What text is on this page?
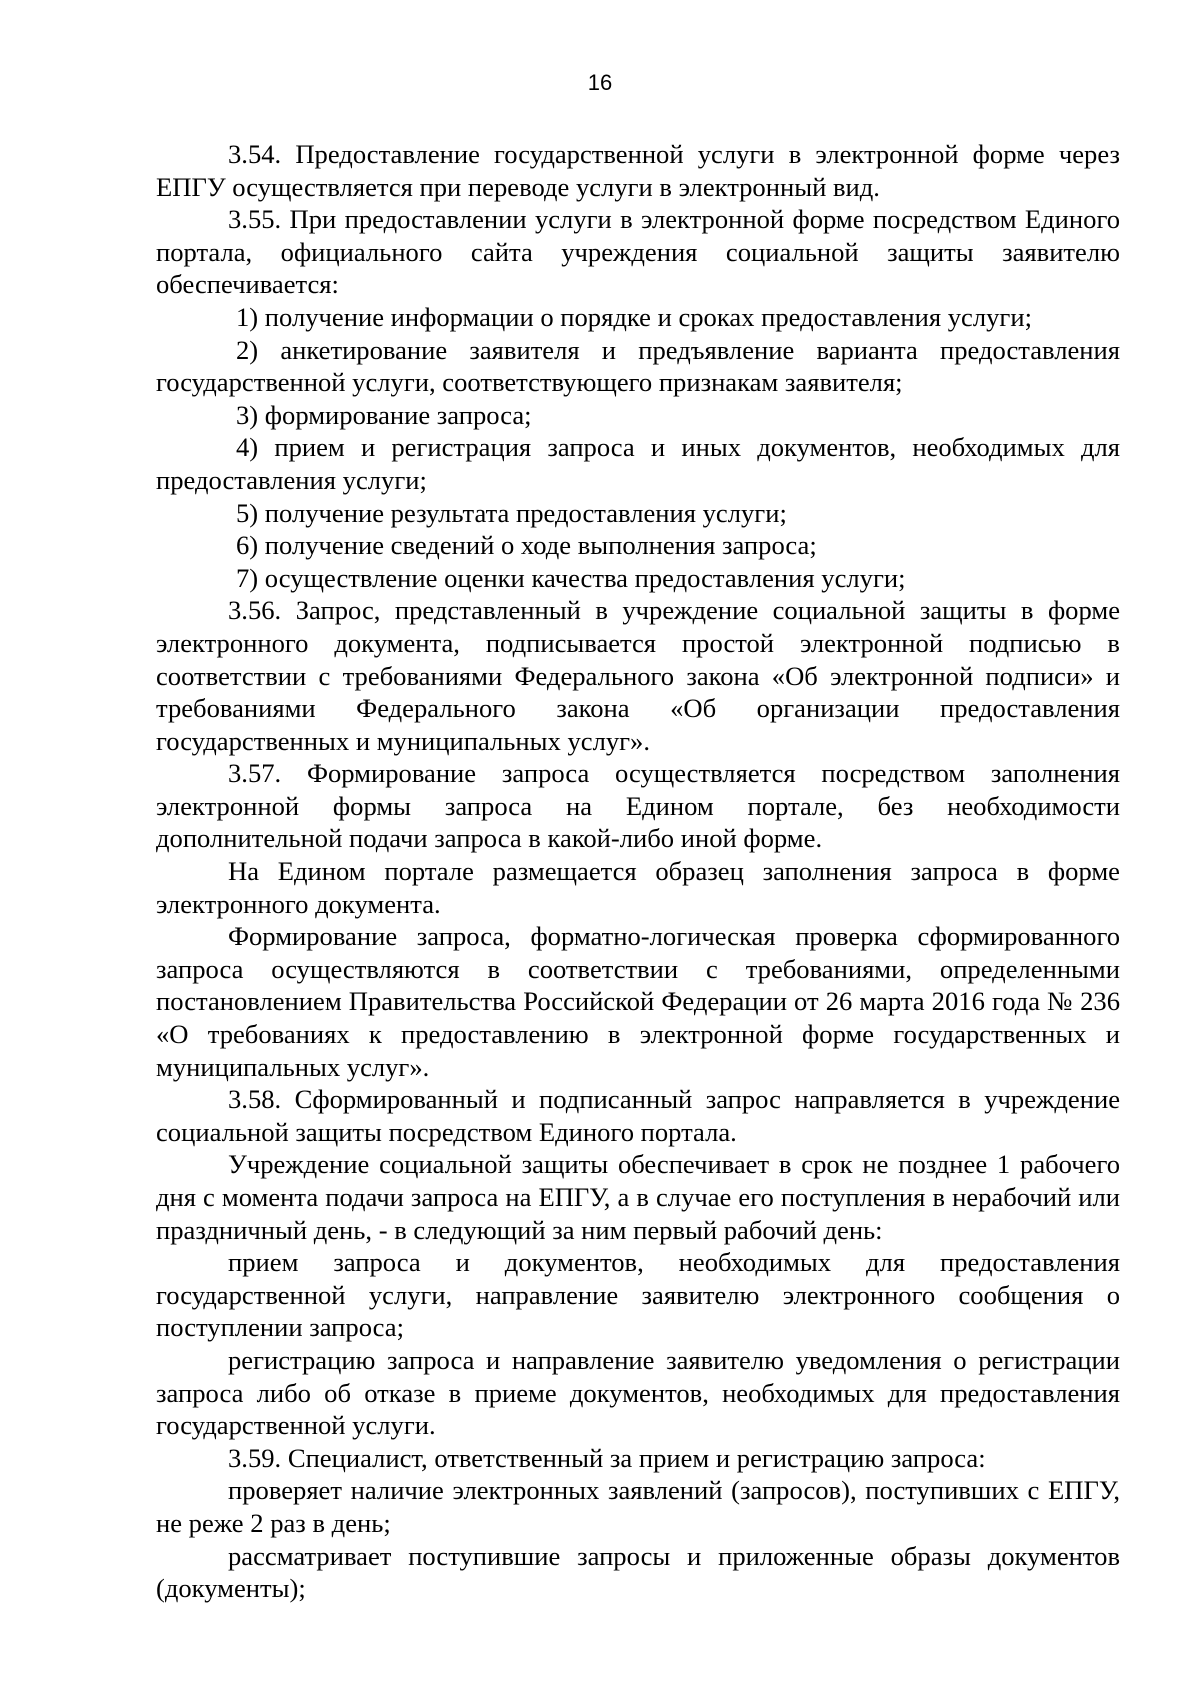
16

3.54. Предоставление государственной услуги в электронной форме через ЕПГУ осуществляется при переводе услуги в электронный вид.

3.55. При предоставлении услуги в электронной форме посредством Единого портала, официального сайта учреждения социальной защиты заявителю обеспечивается:

1) получение информации о порядке и сроках предоставления услуги;

2) анкетирование заявителя и предъявление варианта предоставления государственной услуги, соответствующего признакам заявителя;

3) формирование запроса;

4) прием и регистрация запроса и иных документов, необходимых для предоставления услуги;

5) получение результата предоставления услуги;

6) получение сведений о ходе выполнения запроса;

7) осуществление оценки качества предоставления услуги;

3.56. Запрос, представленный в учреждение социальной защиты в форме электронного документа, подписывается простой электронной подписью в соответствии с требованиями Федерального закона «Об электронной подписи» и требованиями Федерального закона «Об организации предоставления государственных и муниципальных услуг».

3.57. Формирование запроса осуществляется посредством заполнения электронной формы запроса на Едином портале, без необходимости дополнительной подачи запроса в какой-либо иной форме.

На Едином портале размещается образец заполнения запроса в форме электронного документа.

Формирование запроса, форматно-логическая проверка сформированного запроса осуществляются в соответствии с требованиями, определенными постановлением Правительства Российской Федерации от 26 марта 2016 года № 236 «О требованиях к предоставлению в электронной форме государственных и муниципальных услуг».

3.58. Сформированный и подписанный запрос направляется в учреждение социальной защиты посредством Единого портала.

Учреждение социальной защиты обеспечивает в срок не позднее 1 рабочего дня с момента подачи запроса на ЕПГУ, а в случае его поступления в нерабочий или праздничный день, - в следующий за ним первый рабочий день:

прием запроса и документов, необходимых для предоставления государственной услуги, направление заявителю электронного сообщения о поступлении запроса;

регистрацию запроса и направление заявителю уведомления о регистрации запроса либо об отказе в приеме документов, необходимых для предоставления государственной услуги.

3.59. Специалист, ответственный за прием и регистрацию запроса:

проверяет наличие электронных заявлений (запросов), поступивших с ЕПГУ, не реже 2 раз в день;

рассматривает поступившие запросы и приложенные образы документов (документы);
